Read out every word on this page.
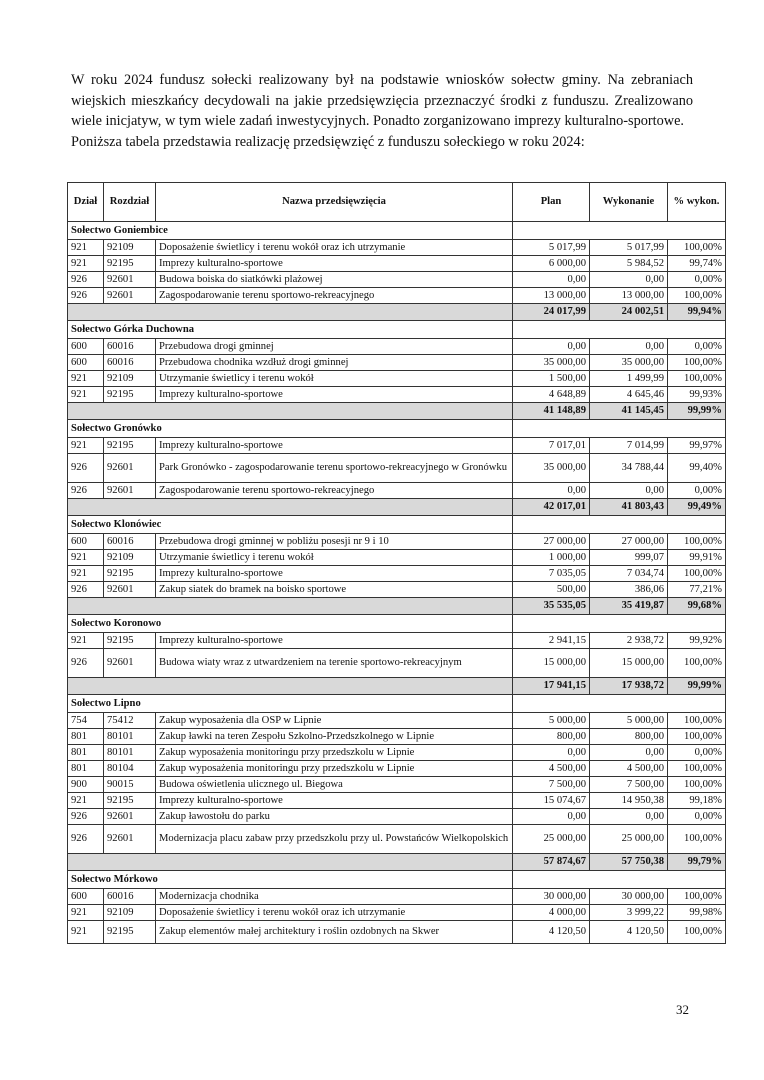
W roku 2024 fundusz sołecki realizowany był na podstawie wniosków sołectw gminy. Na zebraniach wiejskich mieszkańcy decydowali na jakie przedsięwzięcia przeznaczyć środki z funduszu. Zrealizowano wiele inicjatyw, w tym wiele zadań inwestycyjnych. Ponadto zorganizowano imprezy kulturalno-sportowe.

Poniższa tabela przedstawia realizację przedsięwzięć z funduszu sołeckiego w roku 2024:

Dział	Rozdział	Nazwa przedsięwzięcia	Plan	Wykonanie	% wykon.
Sołectwo Goniembice					
921	92109	Doposażenie świetlicy i terenu wokół oraz ich utrzymanie	5 017,99	5 017,99	100,00%
921	92195	Imprezy kulturalno-sportowe	6 000,00	5 984,52	99,74%
926	92601	Budowa boiska do siatkówki plażowej	0,00	0,00	0,00%
926	92601	Zagospodarowanie terenu sportowo-rekreacyjnego	13 000,00	13 000,00	100,00%
			24 017,99	24 002,51	99,94%
Sołectwo Górka Duchowna					
600	60016	Przebudowa drogi gminnej	0,00	0,00	0,00%
600	60016	Przebudowa chodnika wzdłuż drogi gminnej	35 000,00	35 000,00	100,00%
921	92109	Utrzymanie świetlicy i terenu wokół	1 500,00	1 499,99	100,00%
921	92195	Imprezy kulturalno-sportowe	4 648,89	4 645,46	99,93%
			41 148,89	41 145,45	99,99%
Sołectwo Gronówko					
921	92195	Imprezy kulturalno-sportowe	7 017,01	7 014,99	99,97%
926	92601	Park Gronówko - zagospodarowanie terenu sportowo-rekreacyjnego w Gronówku	35 000,00	34 788,44	99,40%
926	92601	Zagospodarowanie terenu sportowo-rekreacyjnego	0,00	0,00	0,00%
			42 017,01	41 803,43	99,49%
Sołectwo Klonówiec					
600	60016	Przebudowa drogi gminnej w pobliżu posesji nr 9 i 10	27 000,00	27 000,00	100,00%
921	92109	Utrzymanie świetlicy i terenu wokół	1 000,00	999,07	99,91%
921	92195	Imprezy kulturalno-sportowe	7 035,05	7 034,74	100,00%
926	92601	Zakup siatek do bramek na boisko sportowe	500,00	386,06	77,21%
			35 535,05	35 419,87	99,68%
Sołectwo Koronowo					
921	92195	Imprezy kulturalno-sportowe	2 941,15	2 938,72	99,92%
926	92601	Budowa wiaty wraz z utwardzeniem na terenie sportowo-rekreacyjnym	15 000,00	15 000,00	100,00%
			17 941,15	17 938,72	99,99%
Sołectwo Lipno					
754	75412	Zakup wyposażenia dla OSP w Lipnie	5 000,00	5 000,00	100,00%
801	80101	Zakup ławki na teren Zespołu Szkolno-Przedszkolnego w Lipnie	800,00	800,00	100,00%
801	80101	Zakup wyposażenia monitoringu przy przedszkolu w Lipnie	0,00	0,00	0,00%
801	80104	Zakup wyposażenia monitoringu przy przedszkolu w Lipnie	4 500,00	4 500,00	100,00%
900	90015	Budowa oświetlenia ulicznego ul. Biegowa	7 500,00	7 500,00	100,00%
921	92195	Imprezy kulturalno-sportowe	15 074,67	14 950,38	99,18%
926	92601	Zakup ławostołu do parku	0,00	0,00	0,00%
926	92601	Modernizacja placu zabaw przy przedszkolu przy ul. Powstańców Wielkopolskich	25 000,00	25 000,00	100,00%
			57 874,67	57 750,38	99,79%
Sołectwo Mórkowo					
600	60016	Modernizacja chodnika	30 000,00	30 000,00	100,00%
921	92109	Doposażenie świetlicy i terenu wokół oraz ich utrzymanie	4 000,00	3 999,22	99,98%
921	92195	Zakup elementów małej architektury i roślin ozdobnych na Skwer	4 120,50	4 120,50	100,00%
32
